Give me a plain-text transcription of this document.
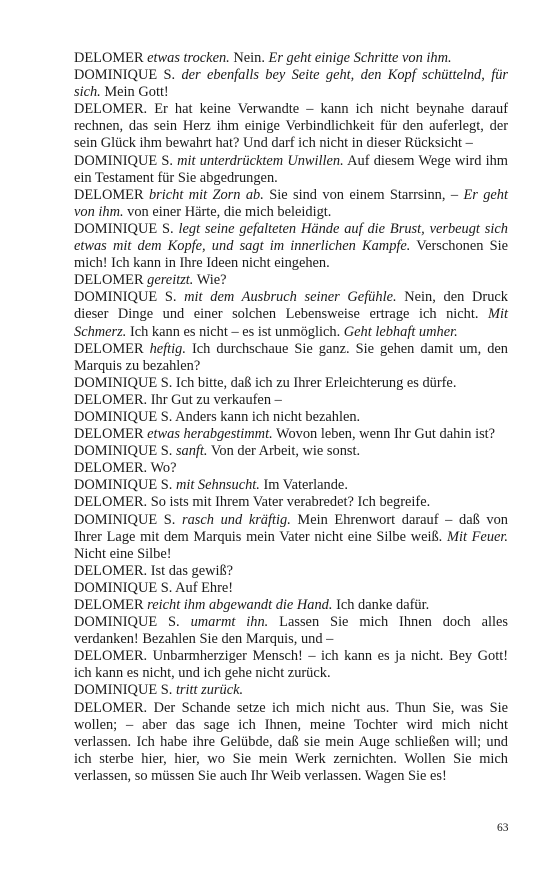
DELOMER etwas trocken. Nein. Er geht einige Schritte von ihm.

DOMINIQUE S. der ebenfalls bey Seite geht, den Kopf schüttelnd, für sich. Mein Gott!

DELOMER. Er hat keine Verwandte – kann ich nicht beynahe darauf rechnen, das sein Herz ihm einige Verbindlichkeit für den auferlegt, der sein Glück ihm bewahrt hat? Und darf ich nicht in dieser Rücksicht –

DOMINIQUE S. mit unterdrücktem Unwillen. Auf diesem Wege wird ihm ein Testament für Sie abgedrungen.

DELOMER bricht mit Zorn ab. Sie sind von einem Starrsinn, – Er geht von ihm. von einer Härte, die mich beleidigt.

DOMINIQUE S. legt seine gefalteten Hände auf die Brust, verbeugt sich etwas mit dem Kopfe, und sagt im innerlichen Kampfe. Verschonen Sie mich! Ich kann in Ihre Ideen nicht eingehen.

DELOMER gereitzt. Wie?

DOMINIQUE S. mit dem Ausbruch seiner Gefühle. Nein, den Druck dieser Dinge und einer solchen Lebensweise ertrage ich nicht. Mit Schmerz. Ich kann es nicht – es ist unmöglich. Geht lebhaft umher.

DELOMER heftig. Ich durchschaue Sie ganz. Sie gehen damit um, den Marquis zu bezahlen?

DOMINIQUE S. Ich bitte, daß ich zu Ihrer Erleichterung es dürfe.

DELOMER. Ihr Gut zu verkaufen –

DOMINIQUE S. Anders kann ich nicht bezahlen.

DELOMER etwas herabgestimmt. Wovon leben, wenn Ihr Gut dahin ist?

DOMINIQUE S. sanft. Von der Arbeit, wie sonst.

DELOMER. Wo?

DOMINIQUE S. mit Sehnsucht. Im Vaterlande.

DELOMER. So ists mit Ihrem Vater verabredet? Ich begreife.

DOMINIQUE S. rasch und kräftig. Mein Ehrenwort darauf – daß von Ihrer Lage mit dem Marquis mein Vater nicht eine Silbe weiß. Mit Feuer. Nicht eine Silbe!

DELOMER. Ist das gewiß?

DOMINIQUE S. Auf Ehre!

DELOMER reicht ihm abgewandt die Hand. Ich danke dafür.

DOMINIQUE S. umarmt ihn. Lassen Sie mich Ihnen doch alles verdanken! Bezahlen Sie den Marquis, und –

DELOMER. Unbarmherziger Mensch! – ich kann es ja nicht. Bey Gott! ich kann es nicht, und ich gehe nicht zurück.

DOMINIQUE S. tritt zurück.

DELOMER. Der Schande setze ich mich nicht aus. Thun Sie, was Sie wollen; – aber das sage ich Ihnen, meine Tochter wird mich nicht verlassen. Ich habe ihre Gelübde, daß sie mein Auge schließen will; und ich sterbe hier, hier, wo Sie mein Werk zernichten. Wollen Sie mich verlassen, so müssen Sie auch Ihr Weib verlassen. Wagen Sie es!

63
